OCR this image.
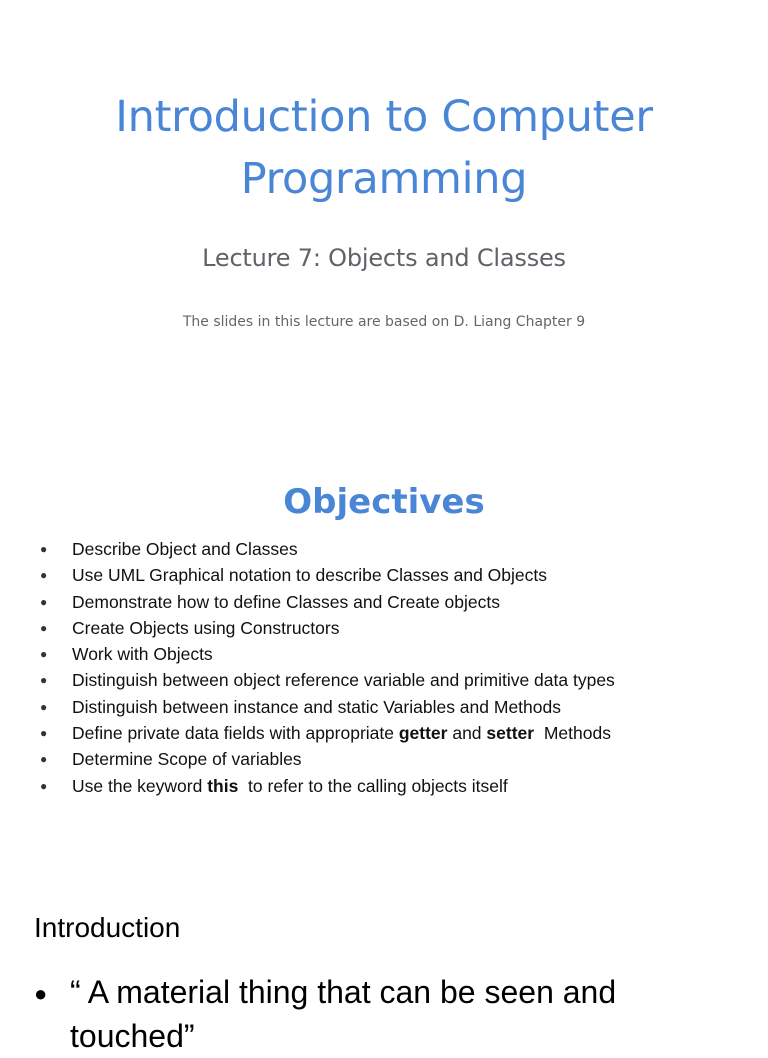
Introduction to Computer Programming
Lecture 7: Objects and Classes
The slides in this lecture are based on D. Liang Chapter 9
Objectives
● Describe Object and Classes
● Use UML Graphical notation to describe Classes and Objects
● Demonstrate how to define Classes and Create objects
● Create Objects using Constructors
● Work with Objects
● Distinguish between object reference variable and primitive data types
● Distinguish between instance and static Variables and Methods
● Define private data fields with appropriate getter and setter  Methods
● Determine Scope of variables
● Use the keyword this  to refer to the calling objects itself
Introduction
● “ A material thing that can be seen and touched”
